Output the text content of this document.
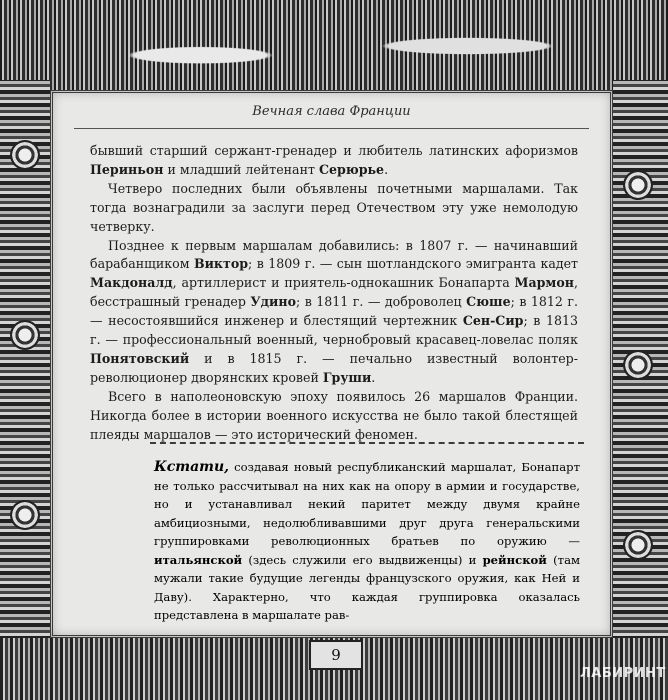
Вечная слава Франции

бывший старший сержант-гренадер и любитель латинских афоризмов Периньон и младший лейтенант Серюрье.

Четверо последних были объявлены почетными маршалами. Так тогда вознаградили за заслуги перед Отечеством эту уже немолодую четверку.

Позднее к первым маршалам добавились: в 1807 г. — начинавший барабанщиком Виктор; в 1809 г. — сын шотландского эмигранта кадет Макдоналд, артиллерист и приятель-однокашник Бонапарта Мармон, бесстрашный гренадер Удино; в 1811 г. — доброволец Сюше; в 1812 г. — несостоявшийся инженер и блестящий чертежник Сен-Сир; в 1813 г. — профессиональный военный, чернобровый красавец-ловелас поляк Понятовский и в 1815 г. — печально известный волонтер-революционер дворянских кровей Груши.

Всего в наполеоновскую эпоху появилось 26 маршалов Франции. Никогда более в истории военного искусства не было такой блестящей плеяды маршалов — это исторический феномен.

Кстати, создавая новый республиканский маршалат, Бонапарт не только рассчитывал на них как на опору в армии и государстве, но и устанавливал некий паритет между двумя крайне амбициозными, недолюбливавшими друг друга генеральскими группировками революционных братьев по оружию — итальянской (здесь служили его выдвиженцы) и рейнской (там мужали такие будущие легенды французского оружия, как Ней и Даву). Характерно, что каждая группировка оказалась представлена в маршалате рав-
9
ЛАБИРИНТ
